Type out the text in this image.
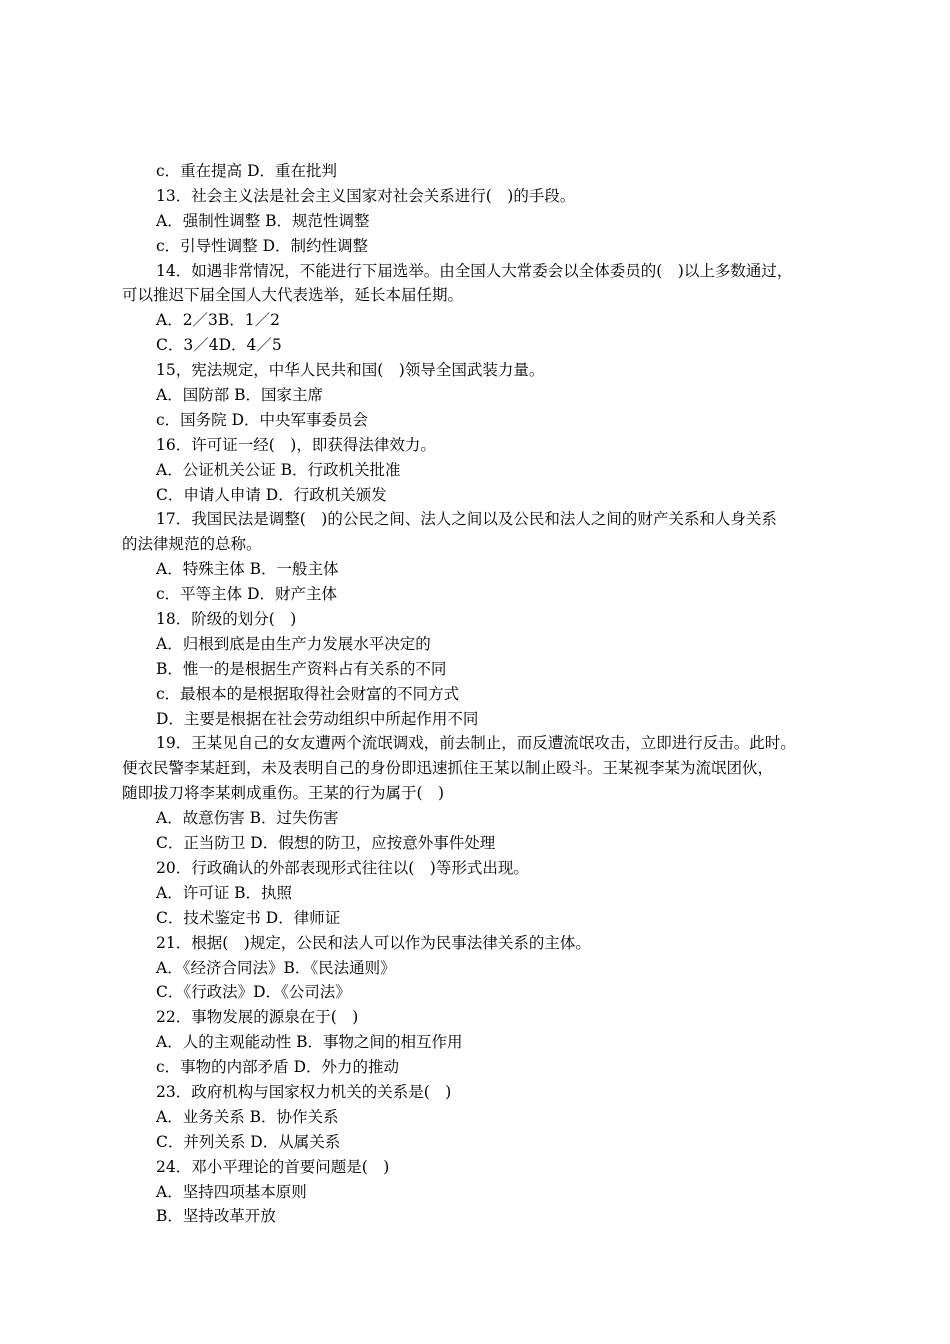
c．重在提高 D．重在批判
13．社会主义法是社会主义国家对社会关系进行(　)的手段。
A．强制性调整 B．规范性调整
c．引导性调整 D．制约性调整
14．如遇非常情况，不能进行下届选举。由全国人大常委会以全体委员的(　)以上多数通过，
可以推迟下届全国人大代表选举，延长本届任期。
A．2／3B．1／2
C．3／4D．4／5
15，宪法规定，中华人民共和国(　)领导全国武装力量。
A．国防部 B．国家主席
c．国务院 D．中央军事委员会
16．许可证一经(　)，即获得法律效力。
A．公证机关公证 B．行政机关批准
C．申请人申请 D．行政机关颁发
17．我国民法是调整(　)的公民之间、法人之间以及公民和法人之间的财产关系和人身关系
的法律规范的总称。
A．特殊主体 B．一般主体
c．平等主体 D．财产主体
18．阶级的划分(　)
A．归根到底是由生产力发展水平决定的
B．惟一的是根据生产资料占有关系的不同
c．最根本的是根据取得社会财富的不同方式
D．主要是根据在社会劳动组织中所起作用不同
19．王某见自己的女友遭两个流氓调戏，前去制止，而反遭流氓攻击，立即进行反击。此时。
便衣民警李某赶到，未及表明自己的身份即迅速抓住王某以制止殴斗。王某视李某为流氓团伙，
随即拔刀将李某刺成重伤。王某的行为属于(　)
A．故意伤害 B．过失伤害
C．正当防卫 D．假想的防卫，应按意外事件处理
20．行政确认的外部表现形式往往以(　)等形式出现。
A．许可证 B．执照
C．技术鉴定书 D．律师证
21．根据(　)规定，公民和法人可以作为民事法律关系的主体。
A．《经济合同法》B．《民法通则》
C．《行政法》D．《公司法》
22．事物发展的源泉在于(　)
A．人的主观能动性 B．事物之间的相互作用
c．事物的内部矛盾 D．外力的推动
23．政府机构与国家权力机关的关系是(　)
A．业务关系 B．协作关系
C．并列关系 D．从属关系
24．邓小平理论的首要问题是(　)
A．坚持四项基本原则
B．坚持改革开放
